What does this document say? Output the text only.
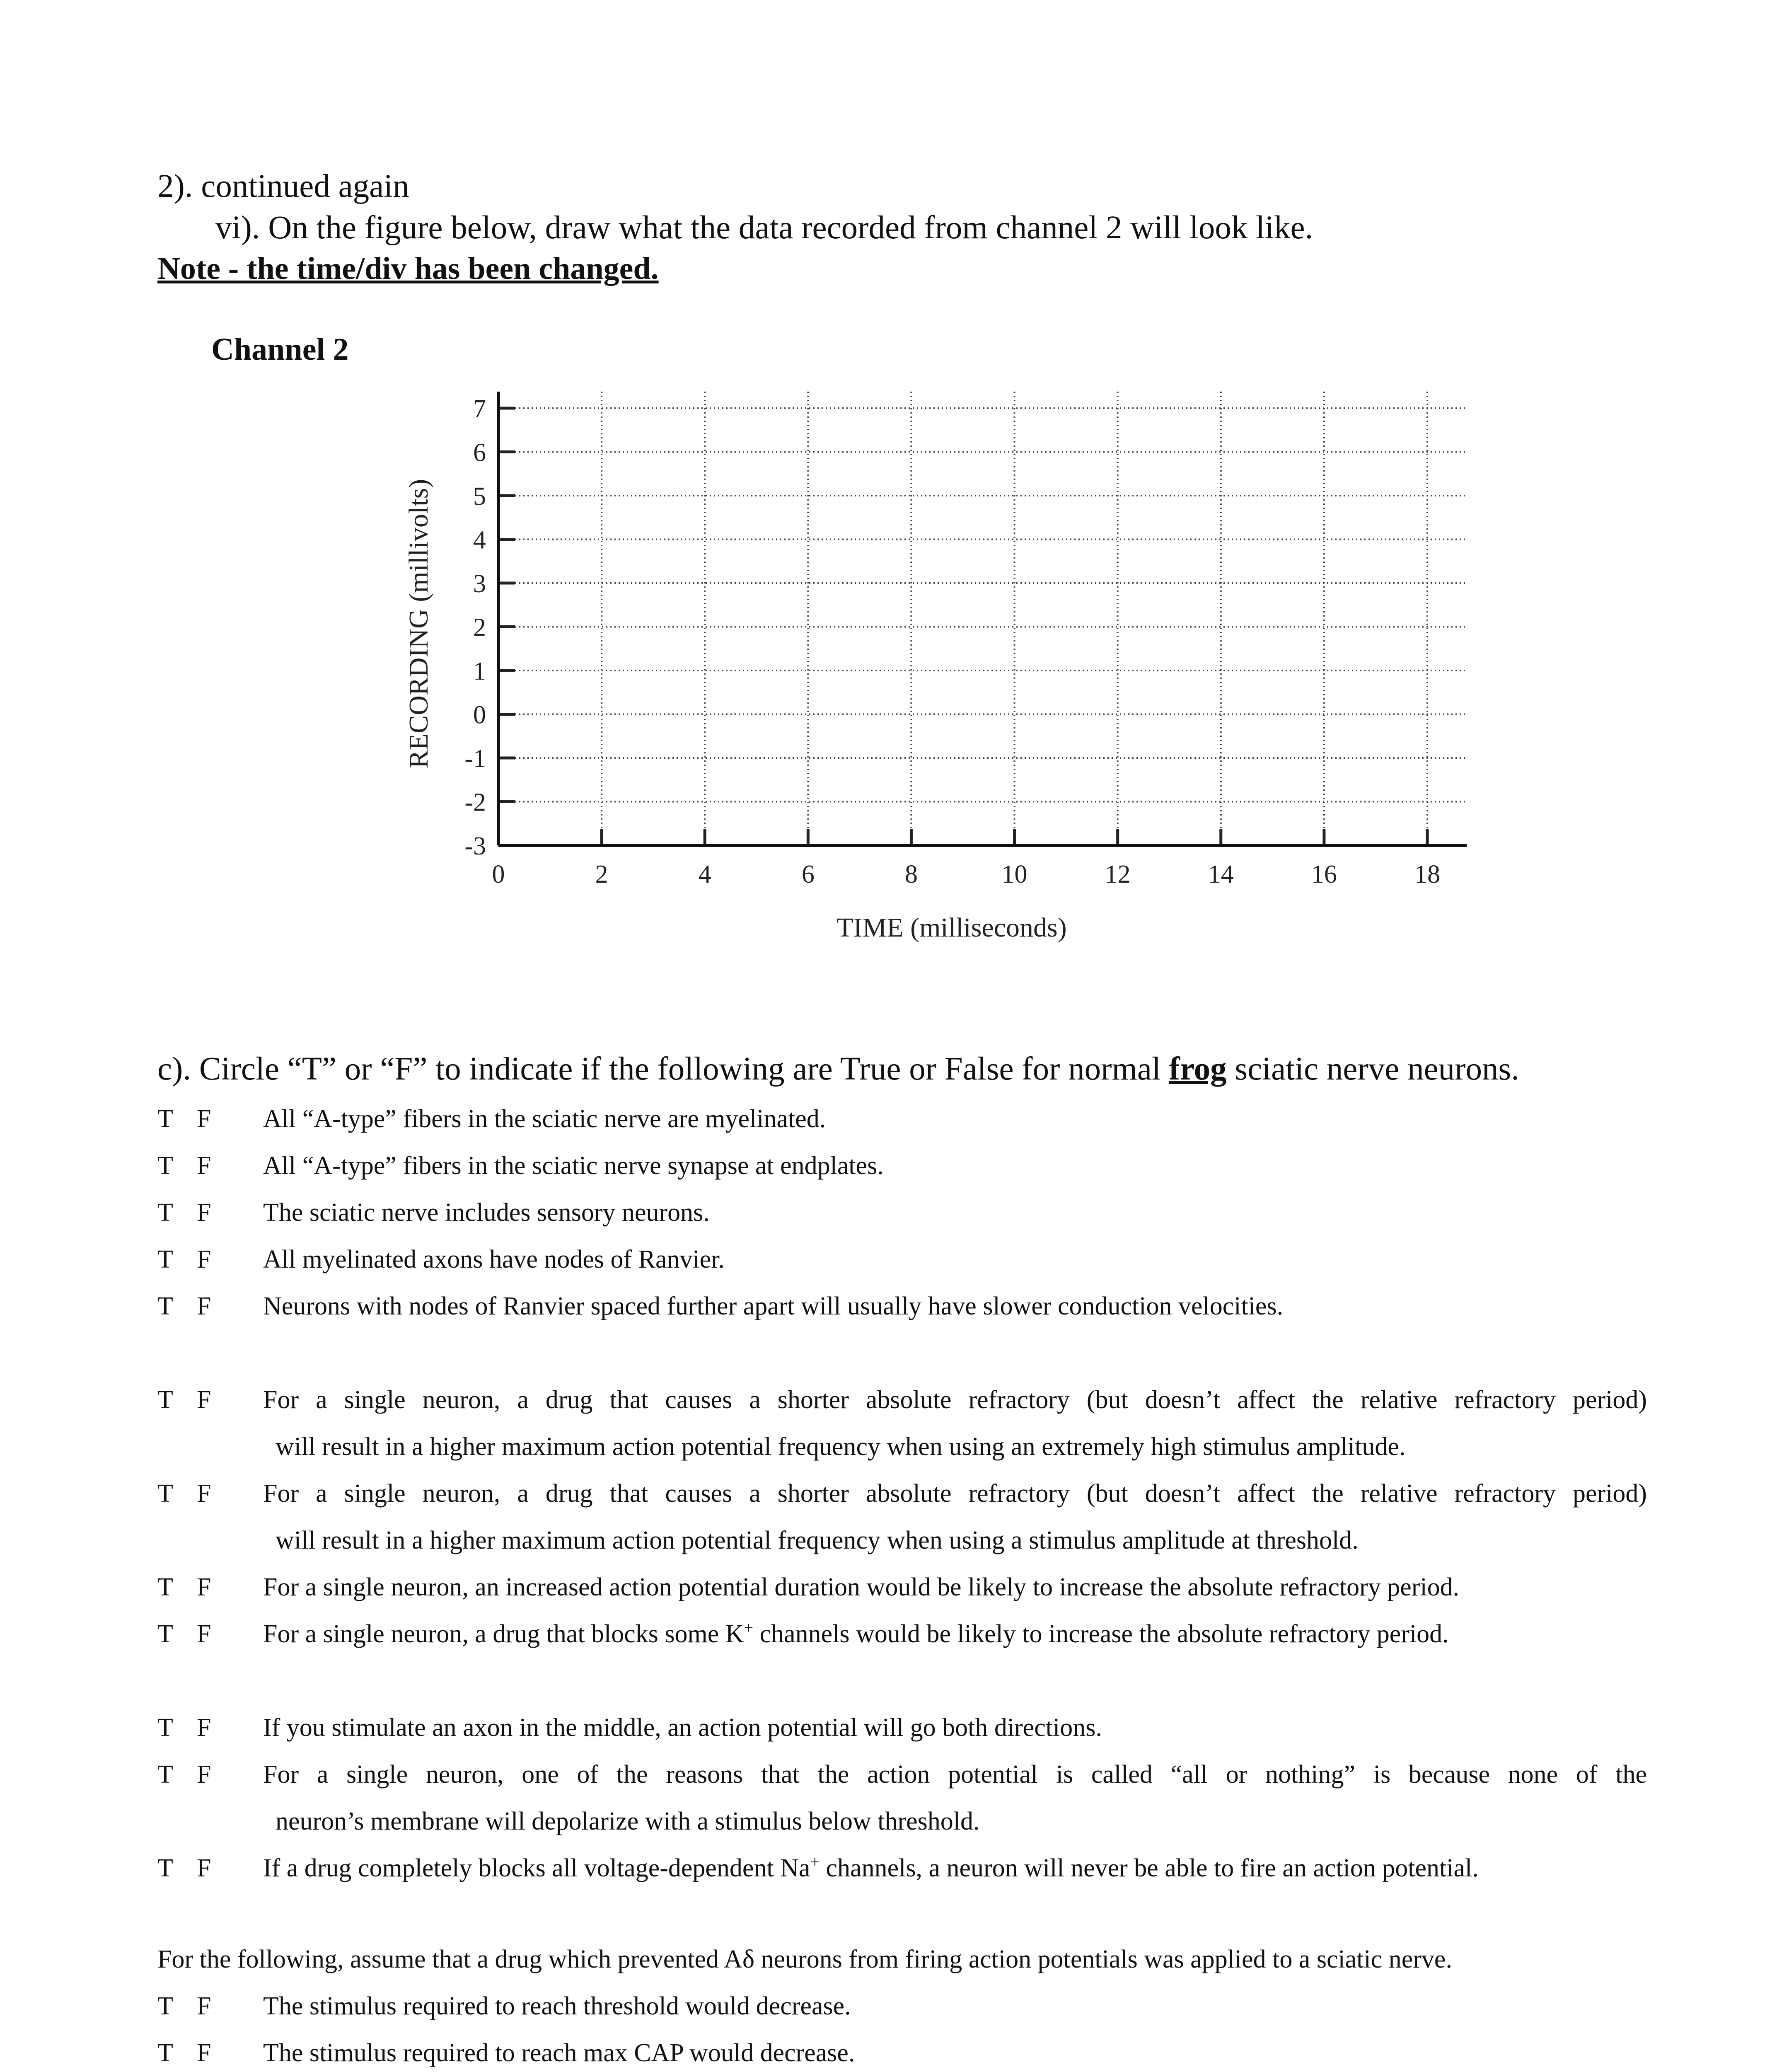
2). continued again
vi). On the figure below, draw what the data recorded from channel 2 will look like.
Note - the time/div has been changed.
Channel 2
7
6
5
4
3
2
1
0
-1
-2
-3
0	2	4	6	8	10	12	14	16	18
RECORDING (millivolts)
TIME (milliseconds)
c). Circle “T” or “F” to indicate if the following are True or False for normal frog sciatic nerve neurons.
T F All “A-type” fibers in the sciatic nerve are myelinated.
T F All “A-type” fibers in the sciatic nerve synapse at endplates.
T F The sciatic nerve includes sensory neurons.
T F All myelinated axons have nodes of Ranvier.
T F Neurons with nodes of Ranvier spaced further apart will usually have slower conduction velocities.
T F For a single neuron, a drug that causes a shorter absolute refractory (but doesn’t affect the relative refractory period)
will result in a higher maximum action potential frequency when using an extremely high stimulus amplitude.
T F For a single neuron, a drug that causes a shorter absolute refractory (but doesn’t affect the relative refractory period)
will result in a higher maximum action potential frequency when using a stimulus amplitude at threshold.
T F For a single neuron, an increased action potential duration would be likely to increase the absolute refractory period.
T F For a single neuron, a drug that blocks some K+ channels would be likely to increase the absolute refractory period.
T F If you stimulate an axon in the middle, an action potential will go both directions.
T F For a single neuron, one of the reasons that the action potential is called “all or nothing” is because none of the
neuron’s membrane will depolarize with a stimulus below threshold.
T F If a drug completely blocks all voltage-dependent Na+ channels, a neuron will never be able to fire an action potential.
For the following, assume that a drug which prevented Aδ neurons from firing action potentials was applied to a sciatic nerve.
T F The stimulus required to reach threshold would decrease.
T F The stimulus required to reach max CAP would decrease.
